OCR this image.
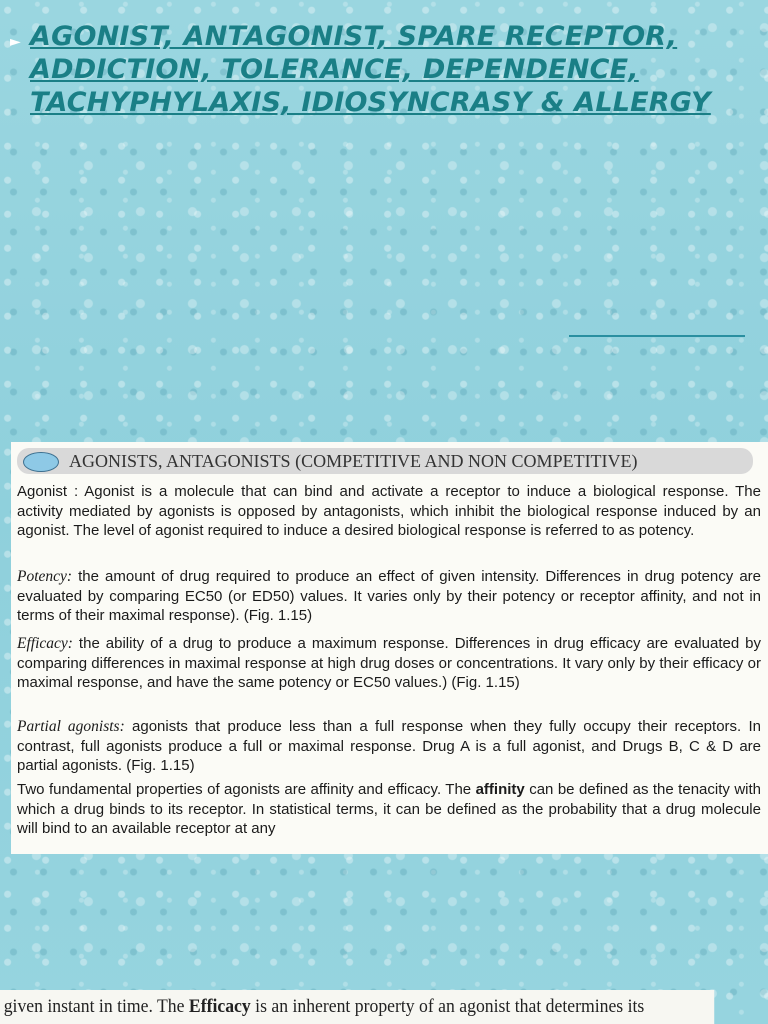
► AGONIST, ANTAGONIST, SPARE RECEPTOR,
ADDICTION, TOLERANCE, DEPENDENCE,
TACHYPHYLAXIS, IDIOSYNCRASY & ALLERGY
AGONISTS, ANTAGONISTS (COMPETITIVE AND NON COMPETITIVE)
Agonist : Agonist is a molecule that can bind and activate a receptor to induce a biological response. The activity mediated by agonists is opposed by antagonists, which inhibit the biological response induced by an agonist. The level of agonist required to induce a desired biological response is referred to as potency.
Potency: the amount of drug required to produce an effect of given intensity. Differences in drug potency are evaluated by comparing EC50 (or ED50) values. It varies only by their potency or receptor affinity, and not in terms of their maximal response). (Fig. 1.15)
Efficacy: the ability of a drug to produce a maximum response. Differences in drug efficacy are evaluated by comparing differences in maximal response at high drug doses or concentrations. It vary only by their efficacy or maximal response, and have the same potency or EC50 values.) (Fig. 1.15)
Partial agonists: agonists that produce less than a full response when they fully occupy their receptors. In contrast, full agonists produce a full or maximal response. Drug A is a full agonist, and Drugs B, C & D are partial agonists. (Fig. 1.15)
Two fundamental properties of agonists are affinity and efficacy. The affinity can be defined as the tenacity with which a drug binds to its receptor. In statistical terms, it can be defined as the probability that a drug molecule will bind to an available receptor at any
given instant in time. The Efficacy is an inherent property of an agonist that determines its
